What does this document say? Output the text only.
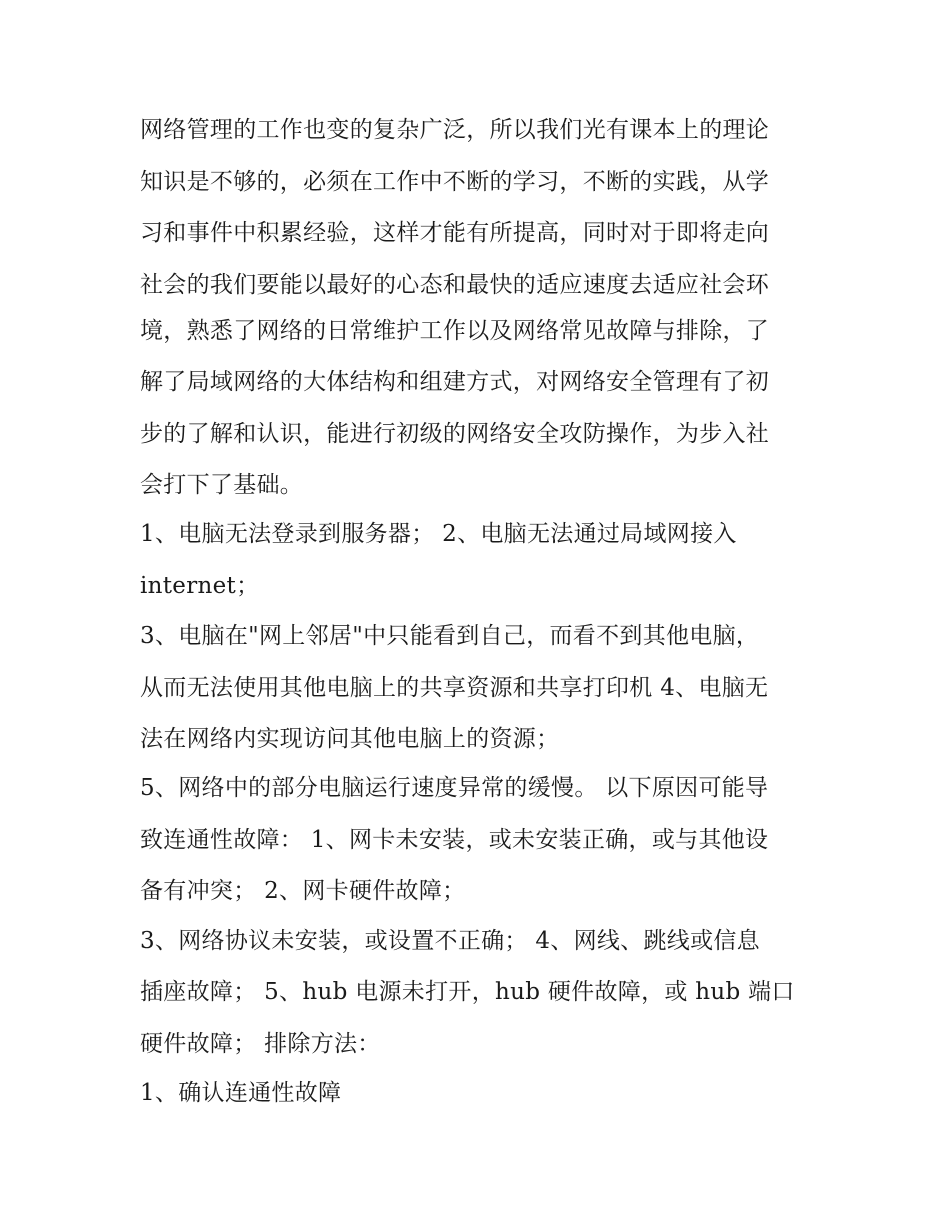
网络管理的工作也变的复杂广泛，所以我们光有课本上的理论
知识是不够的，必须在工作中不断的学习，不断的实践，从学
习和事件中积累经验，这样才能有所提高，同时对于即将走向
社会的我们要能以最好的心态和最快的适应速度去适应社会环
境，熟悉了网络的日常维护工作以及网络常见故障与排除，了
解了局域网络的大体结构和组建方式，对网络安全管理有了初
步的了解和认识，能进行初级的网络安全攻防操作，为步入社
会打下了基础。
1、电脑无法登录到服务器； 2、电脑无法通过局域网接入
internet；
3、电脑在"网上邻居"中只能看到自己，而看不到其他电脑，
从而无法使用其他电脑上的共享资源和共享打印机 4、电脑无
法在网络内实现访问其他电脑上的资源；
5、网络中的部分电脑运行速度异常的缓慢。 以下原因可能导
致连通性故障： 1、网卡未安装，或未安装正确，或与其他设
备有冲突； 2、网卡硬件故障；
3、网络协议未安装，或设置不正确； 4、网线、跳线或信息
插座故障； 5、hub 电源未打开，hub 硬件故障，或 hub 端口
硬件故障； 排除方法：
1、确认连通性故障
